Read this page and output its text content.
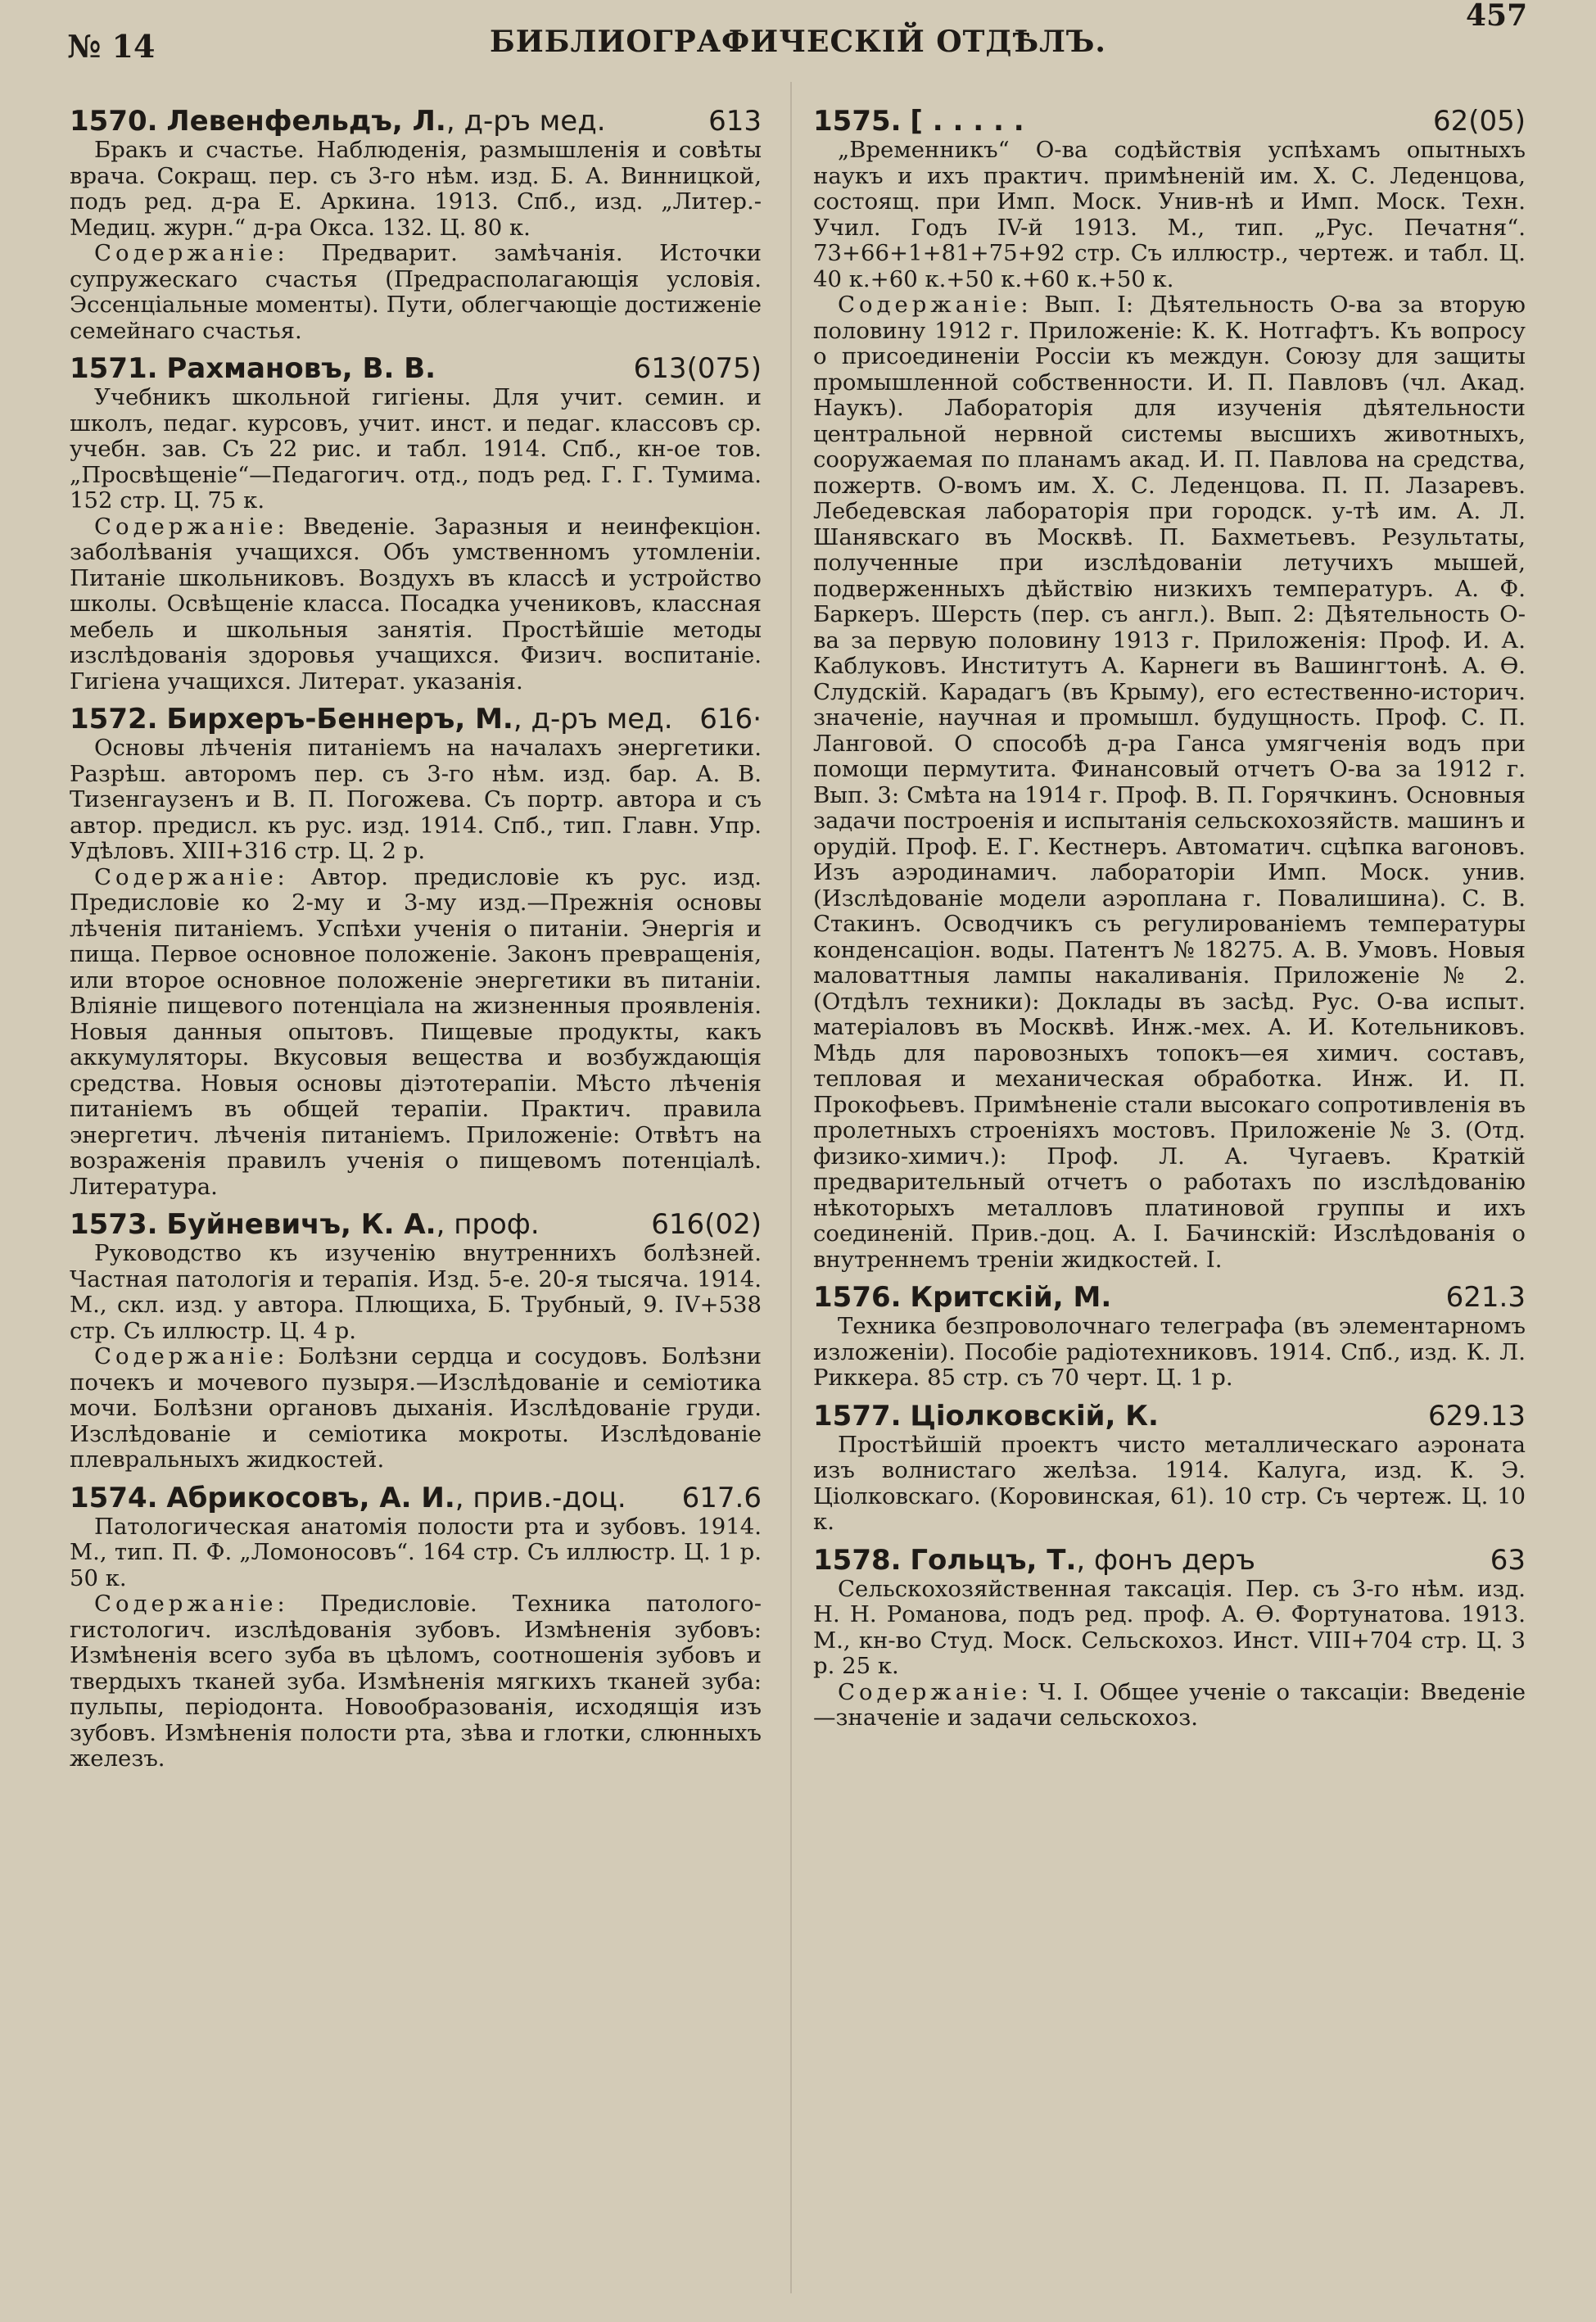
№ 14	БИБЛИОГРАФИЧЕСКІЙ ОТДѢЛЪ.
457
1570. Левенфельдъ, Л., д-ръ мед.	613

Бракъ и счастье. Наблюденія, размышленія и совѣты врача. Сокращ. пер. съ 3-го нѣм. изд. Б. А. Винницкой, подъ ред. д-ра Е. Аркина. 1913. Спб., изд. „Литер.-Медиц. журн.“ д-ра Окса. 132. Ц. 80 к.

Содержаніе: Предварит. замѣчанія. Источки супружескаго счастья (Предрасполагающія условія. Эссенціальные моменты). Пути, облегчающіе достиженіе семейнаго счастья.

1571. Рахмановъ, В. В.	613(075)

Учебникъ школьной гигіены. Для учит. семин. и школъ, педаг. курсовъ, учит. инст. и педаг. классовъ ср. учебн. зав. Съ 22 рис. и табл. 1914. Спб., кн-ое тов. „Просвѣщеніе“—Педагогич. отд., подъ ред. Г. Г. Тумима. 152 стр. Ц. 75 к.

Содержаніе: Введеніе. Заразныя и неинфекціон. заболѣванія учащихся. Объ умственномъ утомленіи. Питаніе школьниковъ. Воздухъ въ классѣ и устройство школы. Освѣщеніе класса. Посадка учениковъ, классная мебель и школьныя занятія. Простѣйшіе методы изслѣдованія здоровья учащихся. Физич. воспитаніе. Гигіена учащихся. Литерат. указанія.

1572. Бирхеръ-Беннеръ, М., д-ръ мед. 616·

Основы лѣченія питаніемъ на началахъ энергетики. Разрѣш. авторомъ пер. съ 3-го нѣм. изд. бар. А. В. Тизенгаузенъ и В. П. Погожева. Съ портр. автора и съ автор. предисл. къ рус. изд. 1914. Спб., тип. Главн. Упр. Удѣловъ. XIII+316 стр. Ц. 2 р.

Содержаніе: Автор. предисловіе къ рус. изд. Предисловіе ко 2-му и 3-му изд.—Прежнія основы лѣченія питаніемъ. Успѣхи ученія о питаніи. Энергія и пища. Первое основное положеніе. Законъ превращенія, или второе основное положеніе энергетики въ питаніи. Вліяніе пищевого потенціала на жизненныя проявленія. Новыя данныя опытовъ. Пищевые продукты, какъ аккумуляторы. Вкусовыя вещества и возбуждающія средства. Новыя основы діэтотерапіи. Мѣсто лѣченія питаніемъ въ общей терапіи. Практич. правила энергетич. лѣченія питаніемъ. Приложеніе: Отвѣтъ на возраженія правилъ ученія о пищевомъ потенціалѣ. Литература.

1573. Буйневичъ, К. А., проф.	616(02)

Руководство къ изученію внутреннихъ болѣзней. Частная патологія и терапія. Изд. 5-е. 20-я тысяча. 1914. М., скл. изд. у автора. Плющиха, Б. Трубный, 9. IV+538 стр. Съ иллюстр. Ц. 4 р.

Содержаніе: Болѣзни сердца и сосудовъ. Болѣзни почекъ и мочевого пузыря.—Изслѣдованіе и семіотика мочи. Болѣзни органовъ дыханія. Изслѣдованіе груди. Изслѣдованіе и семіотика мокроты. Изслѣдованіе плевральныхъ жидкостей.

1574. Абрикосовъ, А. И., прив.-доц. 617.6

Патологическая анатомія полости рта и зубовъ. 1914. М., тип. П. Ф. „Ломоносовъ“. 164 стр. Съ иллюстр. Ц. 1 р. 50 к.

Содержаніе: Предисловіе. Техника патолого-гистологич. изслѣдованія зубовъ. Измѣненія зубовъ: Измѣненія всего зуба въ цѣломъ, соотношенія зубовъ и твердыхъ тканей зуба. Измѣненія мягкихъ тканей зуба: пульпы, періодонта. Новообразованія, исходящія изъ зубовъ. Измѣненія полости рта, зѣва и глотки, слюнныхъ железъ.

1575. [ . . . . .	62(05)

„Временникъ“ О-ва содѣйствія успѣхамъ опытныхъ наукъ и ихъ практич. примѣненій им. Х. С. Леденцова, состоящ. при Имп. Моск. Унив-нѣ и Имп. Моск. Техн. Учил. Годъ IV-й 1913. М., тип. „Рус. Печатня“. 73+66+1+81+75+92 стр. Съ иллюстр., чертеж. и табл. Ц. 40 к.+60 к.+50 к.+60 к.+50 к.

Содержаніе: Вып. I: Дѣятельность О-ва за вторую половину 1912 г. Приложеніе: К. К. Нотгафтъ. Къ вопросу о присоединеніи Россіи къ междун. Союзу для защиты промышленной собственности. И. П. Павловъ (чл. Акад. Наукъ). Лабораторія для изученія дѣятельности центральной нервной системы высшихъ животныхъ, сооружаемая по планамъ акад. И. П. Павлова на средства, пожертв. О-вомъ им. Х. С. Леденцова. П. П. Лазаревъ. Лебедевская лабораторія при городск. у-тѣ им. А. Л. Шанявскаго въ Москвѣ. П. Бахметьевъ. Результаты, полученные при изслѣдованіи летучихъ мышей, подверженныхъ дѣйствію низкихъ температуръ. А. Ф. Баркеръ. Шерсть (пер. съ англ.). Вып. 2: Дѣятельность О-ва за первую половину 1913 г. Приложенія: Проф. И. А. Каблуковъ. Институтъ А. Карнеги въ Вашингтонѣ. А. Ѳ. Слудскій. Карадагъ (въ Крыму), его естественно-историч. значеніе, научная и промышл. будущность. Проф. С. П. Ланговой. О способѣ д-ра Ганса умягченія водъ при помощи пермутита. Финансовый отчетъ О-ва за 1912 г. Вып. 3: Смѣта на 1914 г. Проф. В. П. Горячкинъ. Основныя задачи построенія и испытанія сельскохозяйств. машинъ и орудій. Проф. Е. Г. Кестнеръ. Автоматич. сцѣпка вагоновъ. Изъ аэродинамич. лабораторіи Имп. Моск. унив. (Изслѣдованіе модели аэроплана г. Повалишина). С. В. Стакинъ. Осводчикъ съ регулированіемъ температуры конденсаціон. воды. Патентъ № 18275. А. В. Умовъ. Новыя маловаттныя лампы накаливанія. Приложеніе № 2. (Отдѣлъ техники): Доклады въ засѣд. Рус. О-ва испыт. матеріаловъ въ Москвѣ. Инж.-мех. А. И. Котельниковъ. Мѣдь для паровозныхъ топокъ—ея химич. составъ, тепловая и механическая обработка. Инж. И. П. Прокофьевъ. Примѣненіе стали высокаго сопротивленія въ пролетныхъ строеніяхъ мостовъ. Приложеніе № 3. (Отд. физико-химич.): Проф. Л. А. Чугаевъ. Краткій предварительный отчетъ о работахъ по изслѣдованію нѣкоторыхъ металловъ платиновой группы и ихъ соединеній. Прив.-доц. А. І. Бачинскій: Изслѣдованія о внутреннемъ треніи жидкостей. І.

1576. Критскій, М.	621.3

Техника безпроволочнаго телеграфа (въ элементарномъ изложеніи). Пособіе радіотехниковъ. 1914. Спб., изд. К. Л. Риккера. 85 стр. съ 70 черт. Ц. 1 р.

1577. Ціолковскій, К.	629.13

Простѣйшій проектъ чисто металлическаго аэроната изъ волнистаго желѣза. 1914. Калуга, изд. К. Э. Ціолковскаго. (Коровинская, 61). 10 стр. Съ чертеж. Ц. 10 к.

1578. Гольцъ, Т., фонъ деръ	63

Сельскохозяйственная таксація. Пер. съ 3-го нѣм. изд. Н. Н. Романова, подъ ред. проф. А. Ѳ. Фортунатова. 1913. М., кн-во Студ. Моск. Сельскохоз. Инст. VIII+704 стр. Ц. 3 р. 25 к.

Содержаніе: Ч. І. Общее ученіе о таксаціи: Введеніе—значеніе и задачи сельскохоз.
